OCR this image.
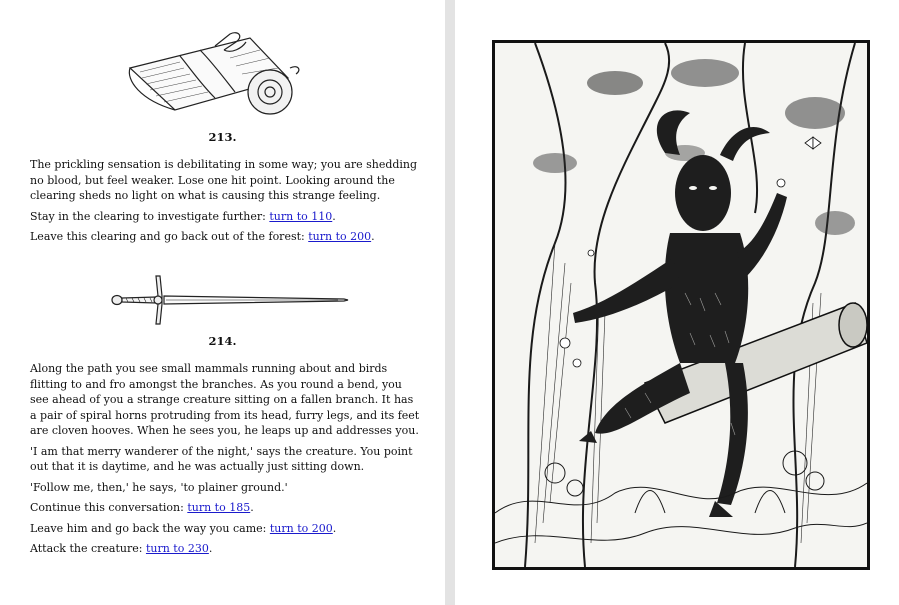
213.

The prickling sensation is debilitating in some way; you are shedding no blood, but feel weaker. Lose one hit point. Looking around the clearing sheds no light on what is causing this strange feeling.

Stay in the clearing to investigate further: turn to 110.

Leave this clearing and go back out of the forest: turn to 200.

214.

Along the path you see small mammals running about and birds flitting to and fro amongst the branches. As you round a bend, you see ahead of you a strange creature sitting on a fallen branch. It has a pair of spiral horns protruding from its head, furry legs, and its feet are cloven hooves. When he sees you, he leaps up and addresses you.

'I am that merry wanderer of the night,' says the creature. You point out that it is daytime, and he was actually just sitting down.

'Follow me, then,' he says, 'to plainer ground.'

Continue this conversation: turn to 185.

Leave him and go back the way you came: turn to 200.

Attack the creature: turn to 230.
